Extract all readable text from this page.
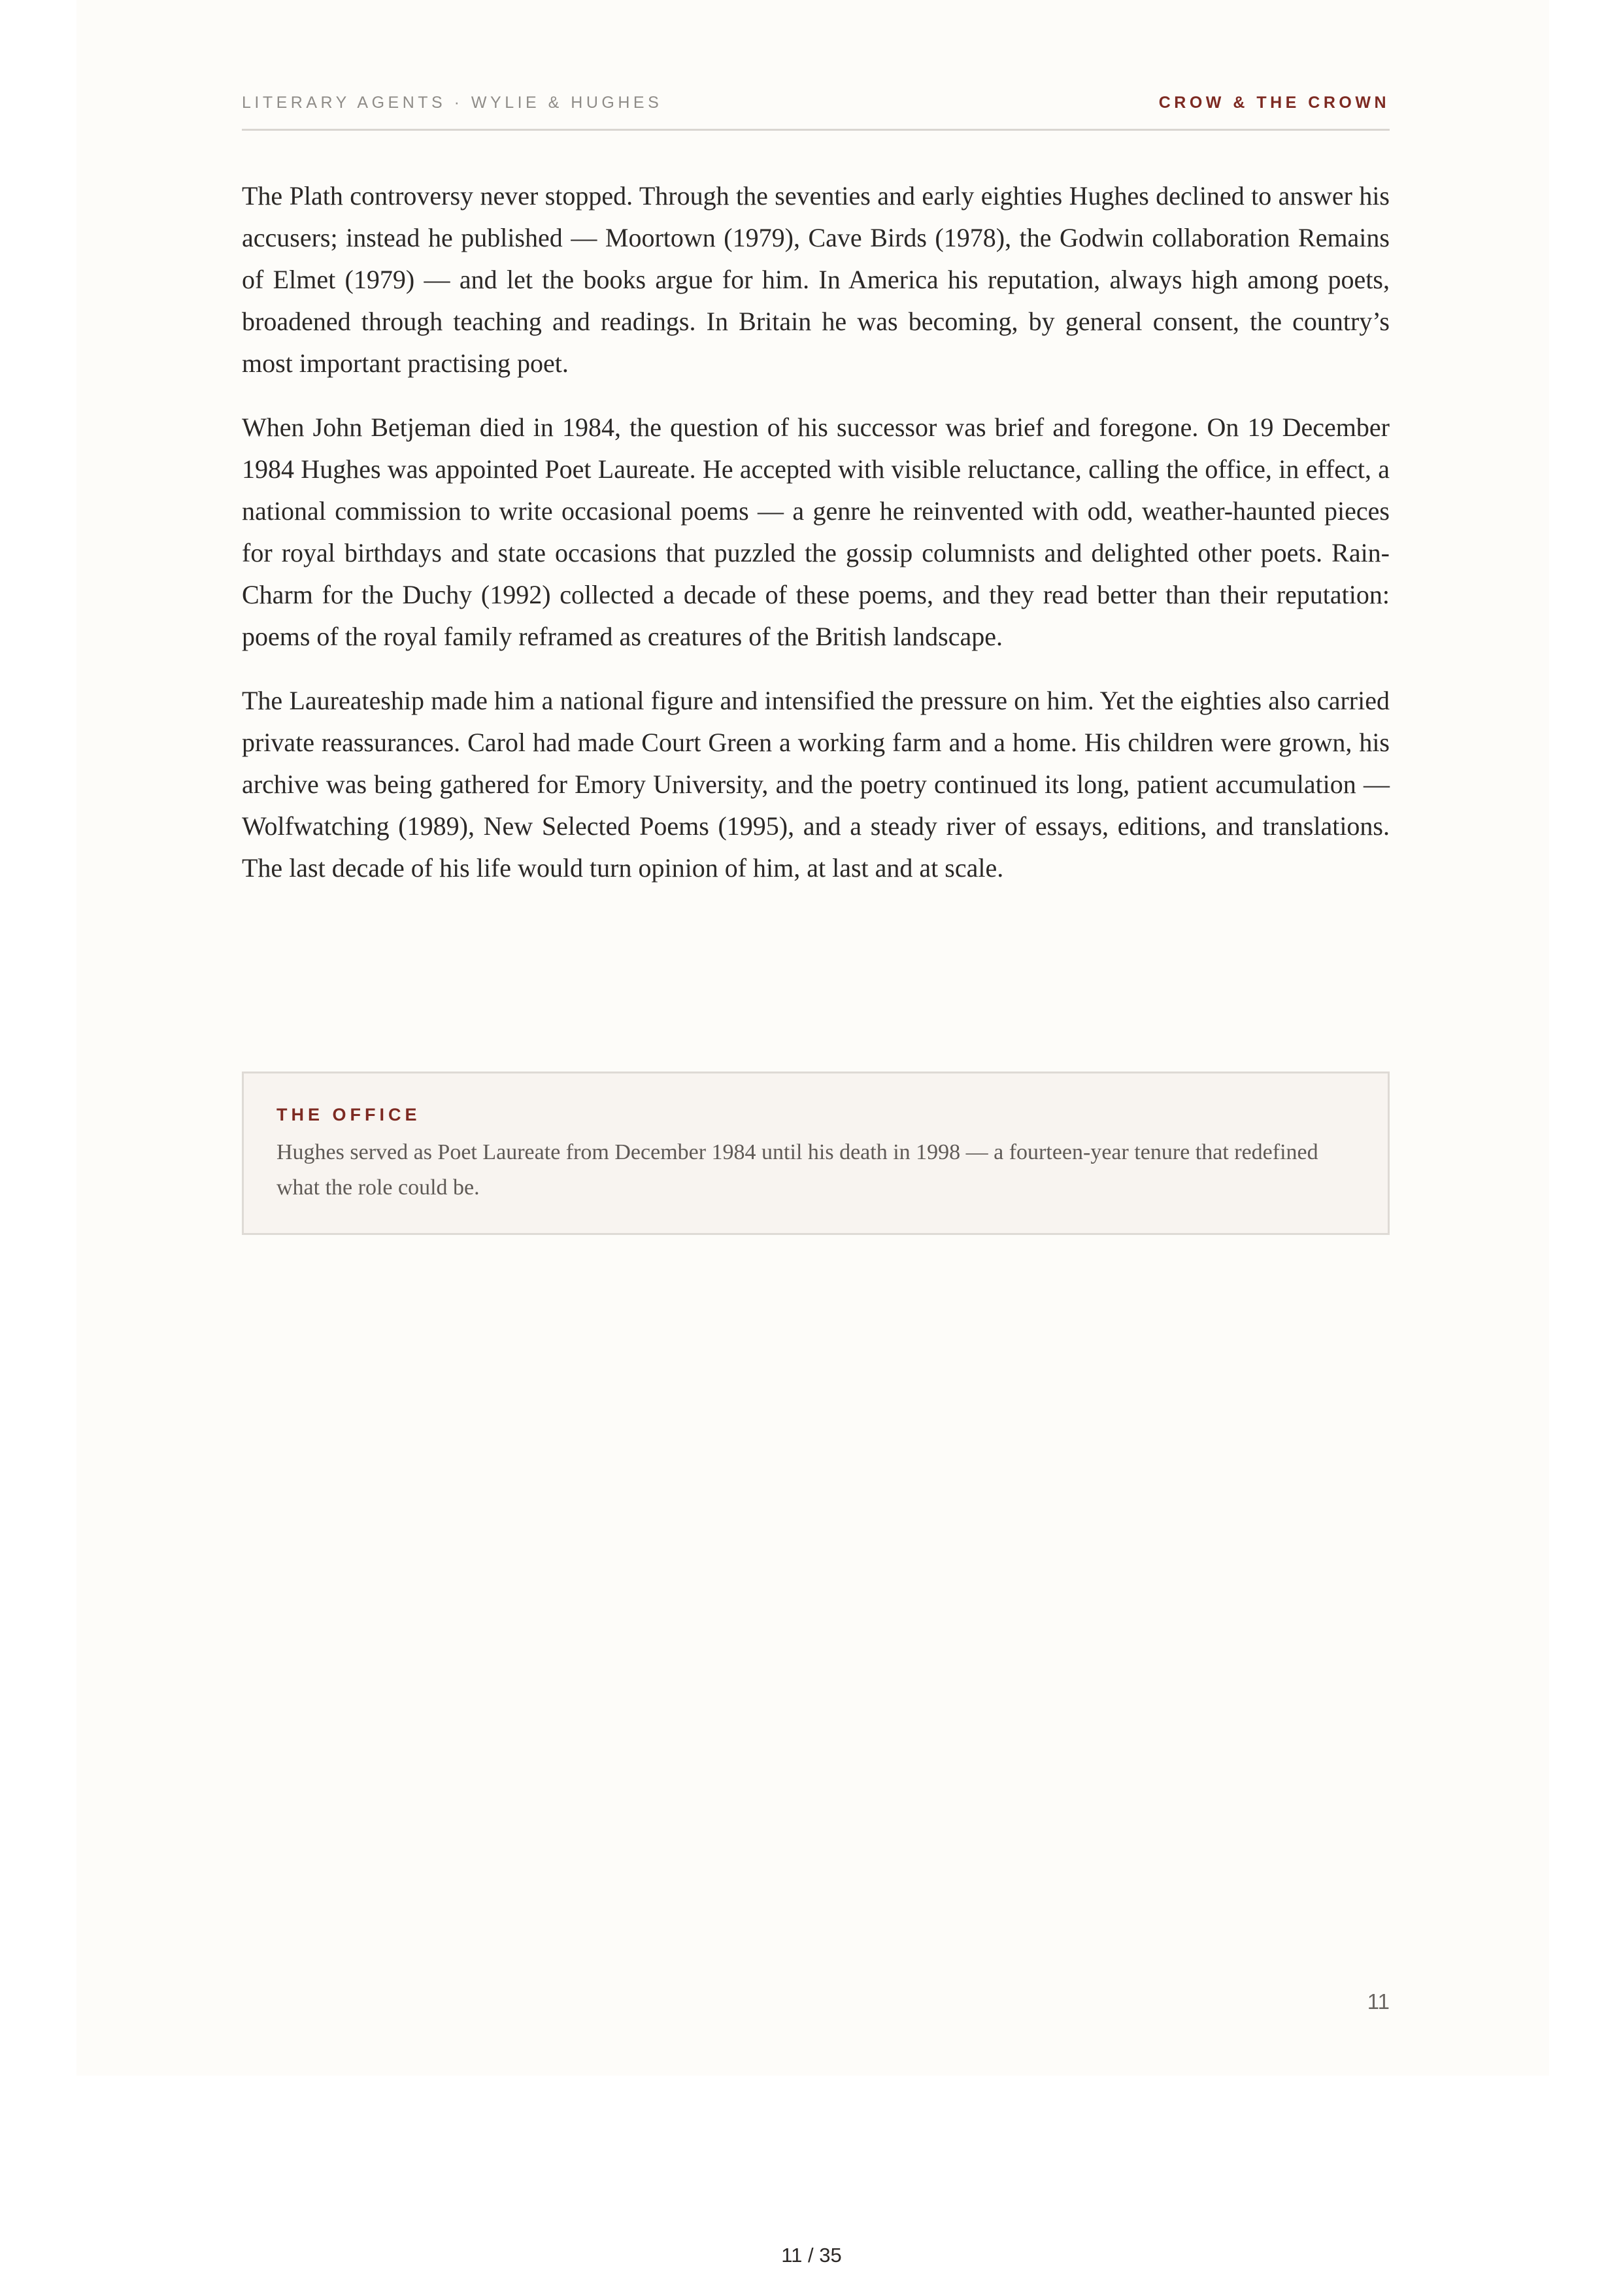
LITERARY AGENTS · WYLIE & HUGHES	CROW & THE CROWN

The Plath controversy never stopped. Through the seventies and early eighties Hughes declined to answer his accusers; instead he published — Moortown (1979), Cave Birds (1978), the Godwin collaboration Remains of Elmet (1979) — and let the books argue for him. In America his reputation, always high among poets, broadened through teaching and readings. In Britain he was becoming, by general consent, the country’s most important practising poet.

When John Betjeman died in 1984, the question of his successor was brief and foregone. On 19 December 1984 Hughes was appointed Poet Laureate. He accepted with visible reluctance, calling the office, in effect, a national commission to write occasional poems — a genre he reinvented with odd, weather-haunted pieces for royal birthdays and state occasions that puzzled the gossip columnists and delighted other poets. Rain-Charm for the Duchy (1992) collected a decade of these poems, and they read better than their reputation: poems of the royal family reframed as creatures of the British landscape.

The Laureateship made him a national figure and intensified the pressure on him. Yet the eighties also carried private reassurances. Carol had made Court Green a working farm and a home. His children were grown, his archive was being gathered for Emory University, and the poetry continued its long, patient accumulation — Wolfwatching (1989), New Selected Poems (1995), and a steady river of essays, editions, and translations. The last decade of his life would turn opinion of him, at last and at scale.

THE OFFICE
Hughes served as Poet Laureate from December 1984 until his death in 1998 — a fourteen-year tenure that redefined what the role could be.
11
11 / 35
